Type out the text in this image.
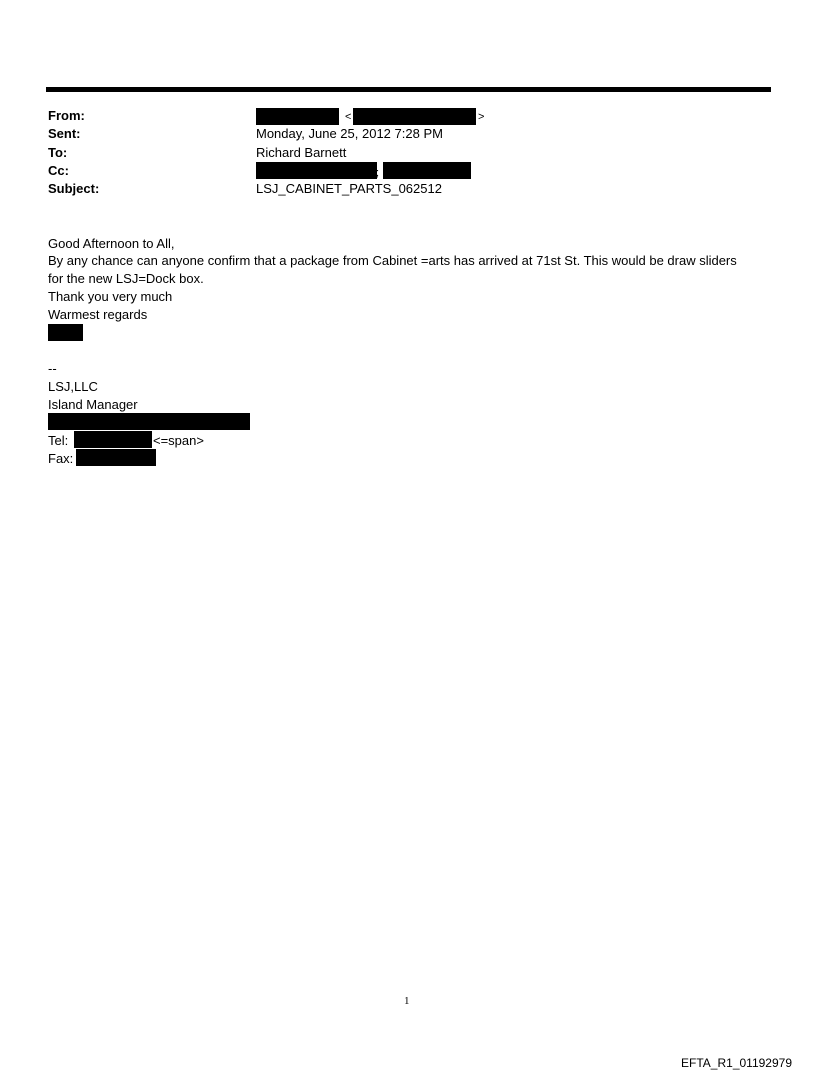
From:
Sent:
To:
Cc:
Subject:
<	>
Monday, June 25, 2012 7:28 PM
Richard Barnett
;
LSJ_CABINET_PARTS_062512
Good Afternoon to All,
By any chance can anyone confirm that a package from Cabinet =arts has arrived at 71st St. This would be draw sliders
for the new LSJ=Dock box.
Thank you very much
Warmest regards
--
LSJ,LLC
Island Manager
Tel:	<=span>
Fax:
1
EFTA_R1_01192979
